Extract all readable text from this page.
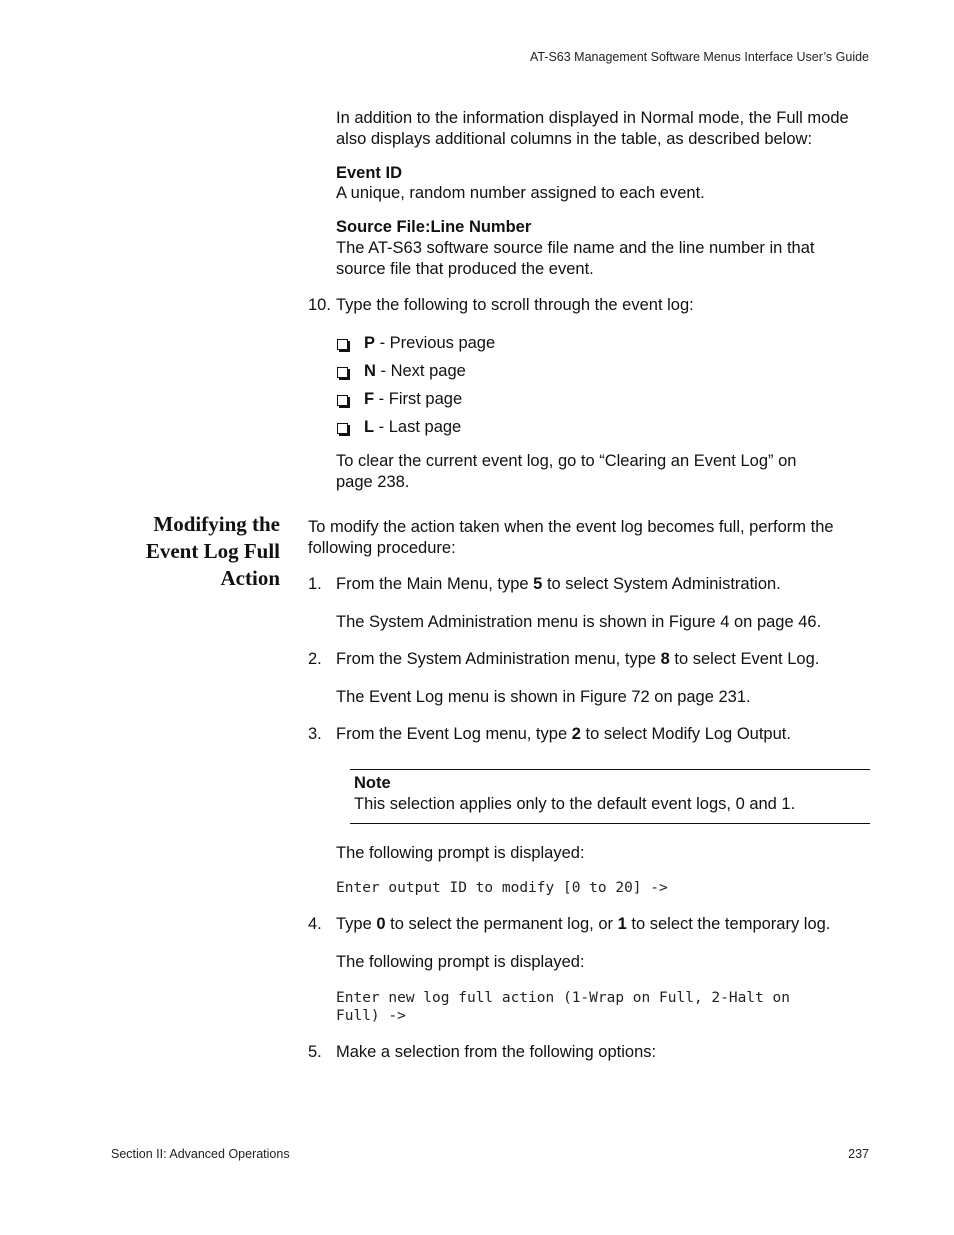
AT-S63 Management Software Menus Interface User’s Guide
In addition to the information displayed in Normal mode, the Full mode also displays additional columns in the table, as described below:
Event ID
A unique, random number assigned to each event.
Source File:Line Number
The AT-S63 software source file name and the line number in that source file that produced the event.
10. Type the following to scroll through the event log:
P - Previous page
N - Next page
F - First page
L - Last page
To clear the current event log, go to “Clearing an Event Log” on page 238.
Modifying the
Event Log Full
Action
To modify the action taken when the event log becomes full, perform the following procedure:
1. From the Main Menu, type 5 to select System Administration.
The System Administration menu is shown in Figure 4 on page 46.
2. From the System Administration menu, type 8 to select Event Log.
The Event Log menu is shown in Figure 72 on page 231.
3. From the Event Log menu, type 2 to select Modify Log Output.
Note
This selection applies only to the default event logs, 0 and 1.
The following prompt is displayed:
Enter output ID to modify [0 to 20] ->
4. Type 0 to select the permanent log, or 1 to select the temporary log.
The following prompt is displayed:
Enter new log full action (1-Wrap on Full, 2-Halt on
Full) ->
5. Make a selection from the following options:
Section II: Advanced Operations	237
